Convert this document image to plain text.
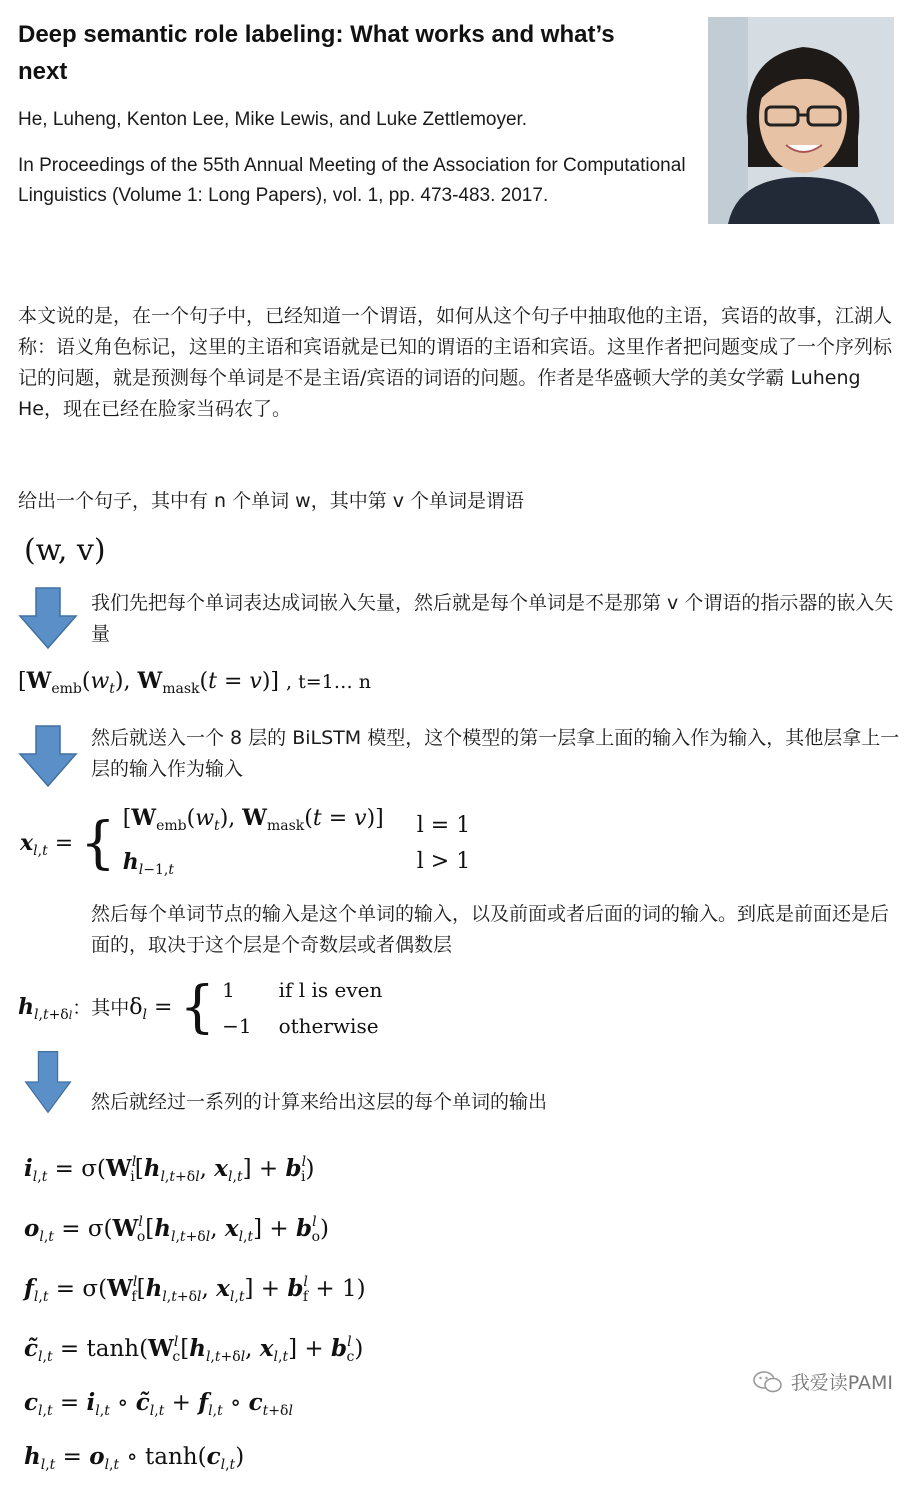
Deep semantic role labeling: What works and what’s next
He, Luheng, Kenton Lee, Mike Lewis, and Luke Zettlemoyer.
In Proceedings of the 55th Annual Meeting of the Association for Computational Linguistics (Volume 1: Long Papers), vol. 1, pp. 473-483. 2017.
本文说的是，在一个句子中，已经知道一个谓语，如何从这个句子中抽取他的主语，宾语的故事，江湖人称：语义角色标记，这里的主语和宾语就是已知的谓语的主语和宾语。这里作者把问题变成了一个序列标记的问题，就是预测每个单词是不是主语/宾语的词语的问题。作者是华盛顿大学的美女学霸 Luheng He，现在已经在脸家当码农了。
给出一个句子，其中有 n 个单词 w，其中第 v 个单词是谓语
(w, v)
我们先把每个单词表达成词嵌入矢量，然后就是每个单词是不是那第 v 个谓语的指示器的嵌入矢量
[$W_{emb}(w_t)$, $W_{mask}(t = v)$] , t=1… n
然后就送入一个 8 层的 BiLSTM 模型，这个模型的第一层拿上面的输入作为输入，其他层拿上一层的输入作为输入
$x_{l,t}$ = { [$W_{emb}(w_t)$, $W_{mask}(t = v)$]
$h_{l-1,t}$ l = 1
l > 1
然后每个单词节点的输入是这个单词的输入，以及前面或者后面的词的输入。到底是前面还是后面的，取决于这个层是个奇数层或者偶数层
$h_{l,t+\delta l}$：其中$\delta_l$ = { 1
−1 if l is even
otherwise
然后就经过一系列的计算来给出这层的每个单词的输出
$i_{l,t} = \sigma(W^l_i[h_{l,t+\delta l}$, $x_{l,t}] + b^l_i$)
$o_{l,t} = \sigma(W^l_o[h_{l,t+\delta l}$, $x_{l,t}] + b^l_o$)
$f_{l,t} = \sigma(W^l_f[h_{l,t+\delta l}$, $x_{l,t}] + b^l_f + 1$)
$c̃_{l,t} = \tanh(W^l_c[h_{l,t+\delta l}$, $x_{l,t}] + b^l_c$)
$c_{l,t} = i_{l,t}$ ∘ $c̃_{l,t} + f_{l,t}$ ∘ $c_{t+\delta l}$
$h_{l,t} = o_{l,t}$ ∘ $\tanh(c_{l,t})$
我爱读PAMI
